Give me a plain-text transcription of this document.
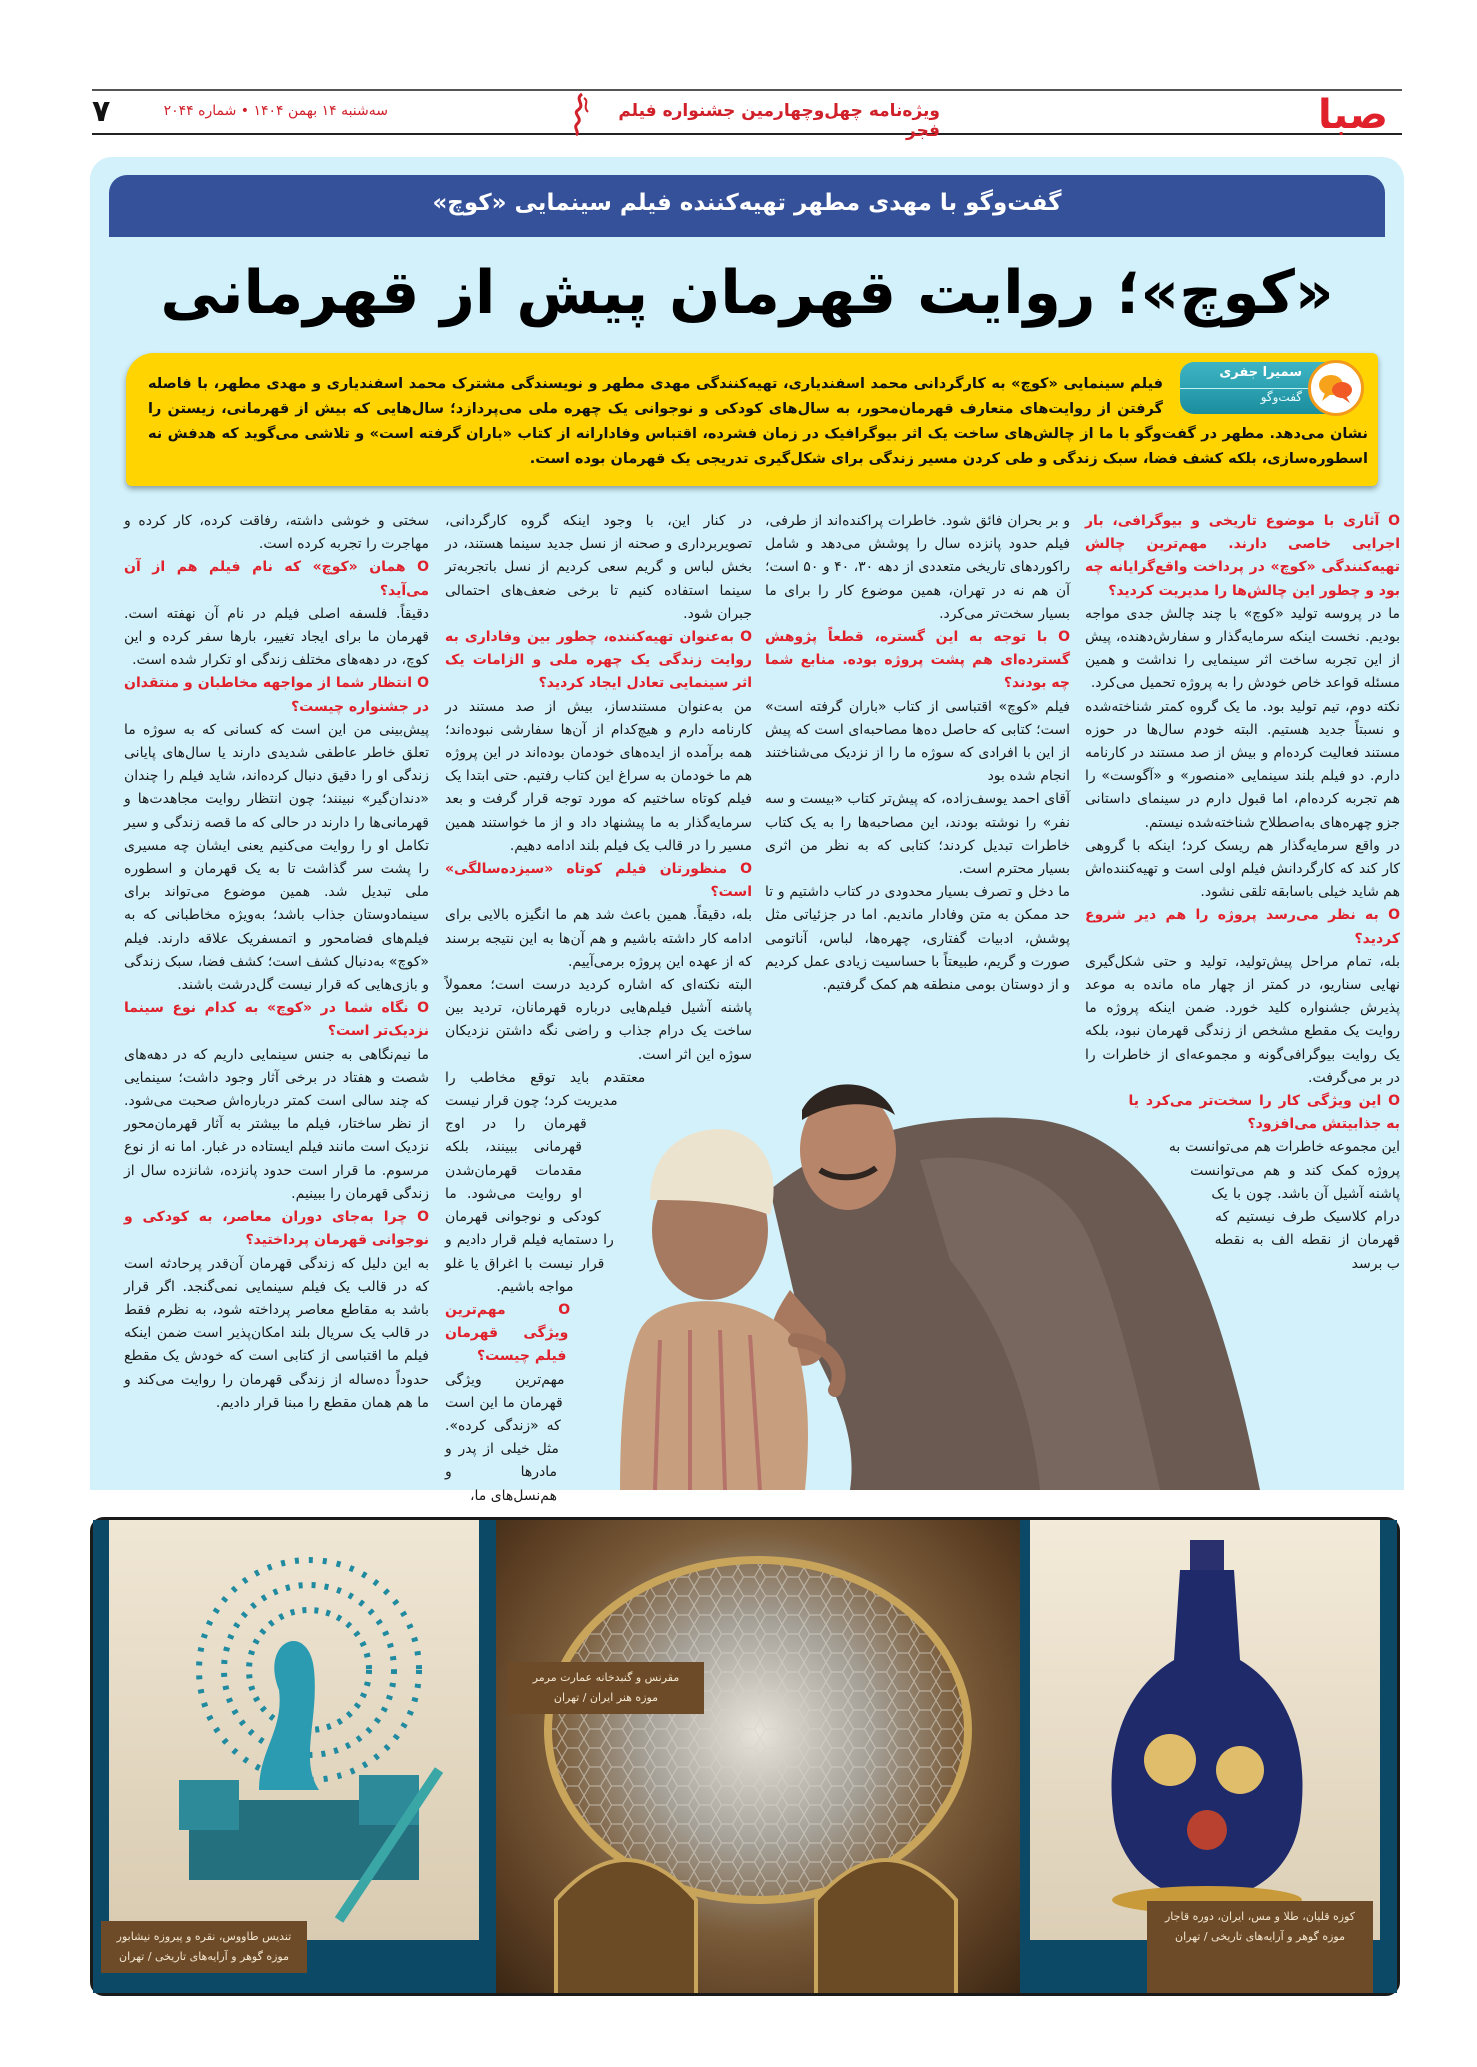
صبا
ویژه‌نامه چهل‌وچهارمین جشنواره فیلم فجر
سه‌شنبه ۱۴ بهمن ۱۴۰۴ • شماره ۲۰۴۴
۷
گفت‌وگو با مهدی مطهر تهیه‌کننده فیلم سینمایی «کوچ»
«کوچ»؛ روایت قهرمان پیش از قهرمانی
فیلم سینمایی «کوچ» به کارگردانی محمد اسفندیاری، تهیه‌کنندگی مهدی مطهر و نویسندگی مشترک محمد اسفندیاری و مهدی مطهر، با فاصله گرفتن از روایت‌های متعارف قهرمان‌محور، به سال‌های کودکی و نوجوانی یک چهره ملی می‌پردازد؛ سال‌هایی که بیش از قهرمانی، زیستن را نشان می‌دهد. مطهر در گفت‌وگو با ما از چالش‌های ساخت یک اثر بیوگرافیک در زمان فشرده، اقتباس وفادارانه از کتاب «باران گرفته است» و تلاشی می‌گوید که هدفش نه اسطوره‌سازی، بلکه کشف فضا، سبک زندگی و طی کردن مسیر زندگی برای شکل‌گیری تدریجی یک قهرمان بوده است.
سمیرا جفری
گفت‌وگو

O آثاری با موضوع تاریخی و بیوگرافی، بار اجرایی خاصی دارند. مهم‌ترین چالش تهیه‌کنندگی «کوچ» در پرداخت واقع‌گرایانه چه بود و چطور این چالش‌ها را مدیریت کردید؟

ما در پروسه تولید «کوچ» با چند چالش جدی مواجه بودیم. نخست اینکه سرمایه‌گذار و سفارش‌دهنده، پیش از این تجربه ساخت اثر سینمایی را نداشت و همین مسئله قواعد خاص خودش را به پروژه تحمیل می‌کرد.

نکته دوم، تیم تولید بود. ما یک گروه کمتر شناخته‌شده و نسبتاً جدید هستیم. البته خودم سال‌ها در حوزه مستند فعالیت کرده‌ام و بیش از صد مستند در کارنامه دارم. دو فیلم بلند سینمایی «منصور» و «آگوست» را هم تجربه کرده‌ام، اما قبول دارم در سینمای داستانی جزو چهره‌های به‌اصطلاح شناخته‌شده نیستم.

در واقع سرمایه‌گذار هم ریسک کرد؛ اینکه با گروهی کار کند که کارگردانش فیلم اولی است و تهیه‌کننده‌اش هم شاید خیلی باسابقه تلقی نشود.

O به نظر می‌رسد پروژه را هم دیر شروع کردید؟

بله، تمام مراحل پیش‌تولید، تولید و حتی شکل‌گیری نهایی سناریو، در کمتر از چهار ماه مانده به موعد پذیرش جشنواره کلید خورد. ضمن اینکه پروژه ما روایت یک مقطع مشخص از زندگی قهرمان نبود، بلکه یک روایت بیوگرافی‌گونه و مجموعه‌ای از خاطرات را در بر می‌گرفت.

O این ویژگی کار را سخت‌تر می‌کرد یا به جذابیتش می‌افزود؟

این مجموعه خاطرات هم می‌توانست به پروژه کمک کند و هم می‌توانست پاشنه آشیل آن باشد. چون با یک درام کلاسیک طرف نیستیم که قهرمان از نقطه الف به نقطه ب برسد

و بر بحران فائق شود. خاطرات پراکنده‌اند از طرفی، فیلم حدود پانزده سال را پوشش می‌دهد و شامل راکوردهای تاریخی متعددی از دهه ۳۰، ۴۰ و ۵۰ است؛ آن هم نه در تهران، همین موضوع کار را برای ما بسیار سخت‌تر می‌کرد.

O با توجه به این گستره، قطعاً پژوهش گسترده‌ای هم پشت پروژه بوده. منابع شما چه بودند؟

فیلم «کوچ» اقتباسی از کتاب «باران گرفته است» است؛ کتابی که حاصل ده‌ها مصاحبه‌ای است که پیش از این با افرادی که سوژه ما را از نزدیک می‌شناختند انجام شده بود

آقای احمد یوسف‌زاده، که پیش‌تر کتاب «بیست و سه نفر» را نوشته بودند، این مصاحبه‌ها را به یک کتاب خاطرات تبدیل کردند؛ کتابی که به نظر من اثری بسیار محترم است.

ما دخل و تصرف بسیار محدودی در کتاب داشتیم و تا حد ممکن به متن وفادار ماندیم. اما در جزئیاتی مثل پوشش، ادبیات گفتاری، چهره‌ها، لباس، آناتومی صورت و گریم، طبیعتاً با حساسیت زیادی عمل کردیم و از دوستان بومی منطقه هم کمک گرفتیم.

در کنار این، با وجود اینکه گروه کارگردانی، تصویربرداری و صحنه از نسل جدید سینما هستند، در بخش لباس و گریم سعی کردیم از نسل باتجربه‌تر سینما استفاده کنیم تا برخی ضعف‌های احتمالی جبران شود.

O به‌عنوان تهیه‌کننده، چطور بین وفاداری به روایت زندگی یک چهره ملی و الزامات یک اثر سینمایی تعادل ایجاد کردید؟

من به‌عنوان مستندساز، بیش از صد مستند در کارنامه دارم و هیچ‌کدام از آن‌ها سفارشی نبوده‌اند؛ همه برآمده از ایده‌های خودمان بوده‌اند در این پروژه هم ما خودمان به سراغ این کتاب رفتیم. حتی ابتدا یک فیلم کوتاه ساختیم که مورد توجه قرار گرفت و بعد سرمایه‌گذار به ما پیشنهاد داد و از ما خواستند همین مسیر را در قالب یک فیلم بلند ادامه دهیم.

O منظورتان فیلم کوتاه «سیزده‌سالگی» است؟

بله، دقیقاً. همین باعث شد هم ما انگیزه بالایی برای ادامه کار داشته باشیم و هم آن‌ها به این نتیجه برسند که از عهده این پروژه برمی‌آییم.

البته نکته‌ای که اشاره کردید درست است؛ معمولاً پاشنه آشیل فیلم‌هایی درباره قهرمانان، تردید بین ساخت یک درام جذاب و راضی نگه داشتن نزدیکان سوژه این اثر است.

معتقدم باید توقع مخاطب را مدیریت کرد؛ چون قرار نیست قهرمان را در اوج قهرمانی ببینند، بلکه مقدمات قهرمان‌شدن او روایت می‌شود. ما کودکی و نوجوانی قهرمان را دستمایه فیلم قرار دادیم و قرار نیست با اغراق یا غلو مواجه باشیم.

O مهم‌ترین ویژگی قهرمان فیلم چیست؟

مهم‌ترین ویژگی قهرمان ما این است که «زندگی کرده». مثل خیلی از پدر و مادرها و هم‌نسل‌های ما،

سختی و خوشی داشته، رفاقت کرده، کار کرده و مهاجرت را تجربه کرده است.

O همان «کوچ» که نام فیلم هم از آن می‌آید؟

دقیقاً. فلسفه اصلی فیلم در نام آن نهفته است. قهرمان ما برای ایجاد تغییر، بارها سفر کرده و این کوچ، در دهه‌های مختلف زندگی او تکرار شده است.

O انتظار شما از مواجهه مخاطبان و منتقدان در جشنواره چیست؟

پیش‌بینی من این است که کسانی که به سوژه ما تعلق خاطر عاطفی شدیدی دارند یا سال‌های پایانی زندگی او را دقیق دنبال کرده‌اند، شاید فیلم را چندان «دندان‌گیر» نبینند؛ چون انتظار روایت مجاهدت‌ها و قهرمانی‌ها را دارند در حالی که ما قصه زندگی و سیر تکامل او را روایت می‌کنیم یعنی ایشان چه مسیری را پشت سر گذاشت تا به یک قهرمان و اسطوره ملی تبدیل شد. همین موضوع می‌تواند برای سینمادوستان جذاب باشد؛ به‌ویژه مخاطبانی که به فیلم‌های فضامحور و اتمسفریک علاقه دارند. فیلم «کوچ» به‌دنبال کشف است؛ کشف فضا، سبک زندگی و بازی‌هایی که قرار نیست گل‌درشت باشند.

O نگاه شما در «کوچ» به کدام نوع سینما نزدیک‌تر است؟

ما نیم‌نگاهی به جنس سینمایی داریم که در دهه‌های شصت و هفتاد در برخی آثار وجود داشت؛ سینمایی که چند سالی است کمتر درباره‌اش صحبت می‌شود. از نظر ساختار، فیلم ما بیشتر به آثار قهرمان‌محور نزدیک است مانند فیلم ایستاده در غبار. اما نه از نوع مرسوم. ما قرار است حدود پانزده، شانزده سال از زندگی قهرمان را ببینیم.

O چرا به‌جای دوران معاصر، به کودکی و نوجوانی قهرمان پرداختید؟

به این دلیل که زندگی قهرمان آن‌قدر پرحادثه است که در قالب یک فیلم سینمایی نمی‌گنجد. اگر قرار باشد به مقاطع معاصر پرداخته شود، به نظرم فقط در قالب یک سریال بلند امکان‌پذیر است ضمن اینکه فیلم ما اقتباسی از کتابی است که خودش یک مقطع حدوداً ده‌ساله از زندگی قهرمان را روایت می‌کند و ما هم همان مقطع را مبنا قرار دادیم.

تندیس طاووس، نقره و پیروزه نیشابور
موزه گوهر و آرایه‌های تاریخی / تهران
مقرنس و گنبدخانه عمارت مرمر
موزه هنر ایران / تهران
کوزه قلیان، طلا و مس، ایران، دوره قاجار
موزه گوهر و آرایه‌های تاریخی / تهران
